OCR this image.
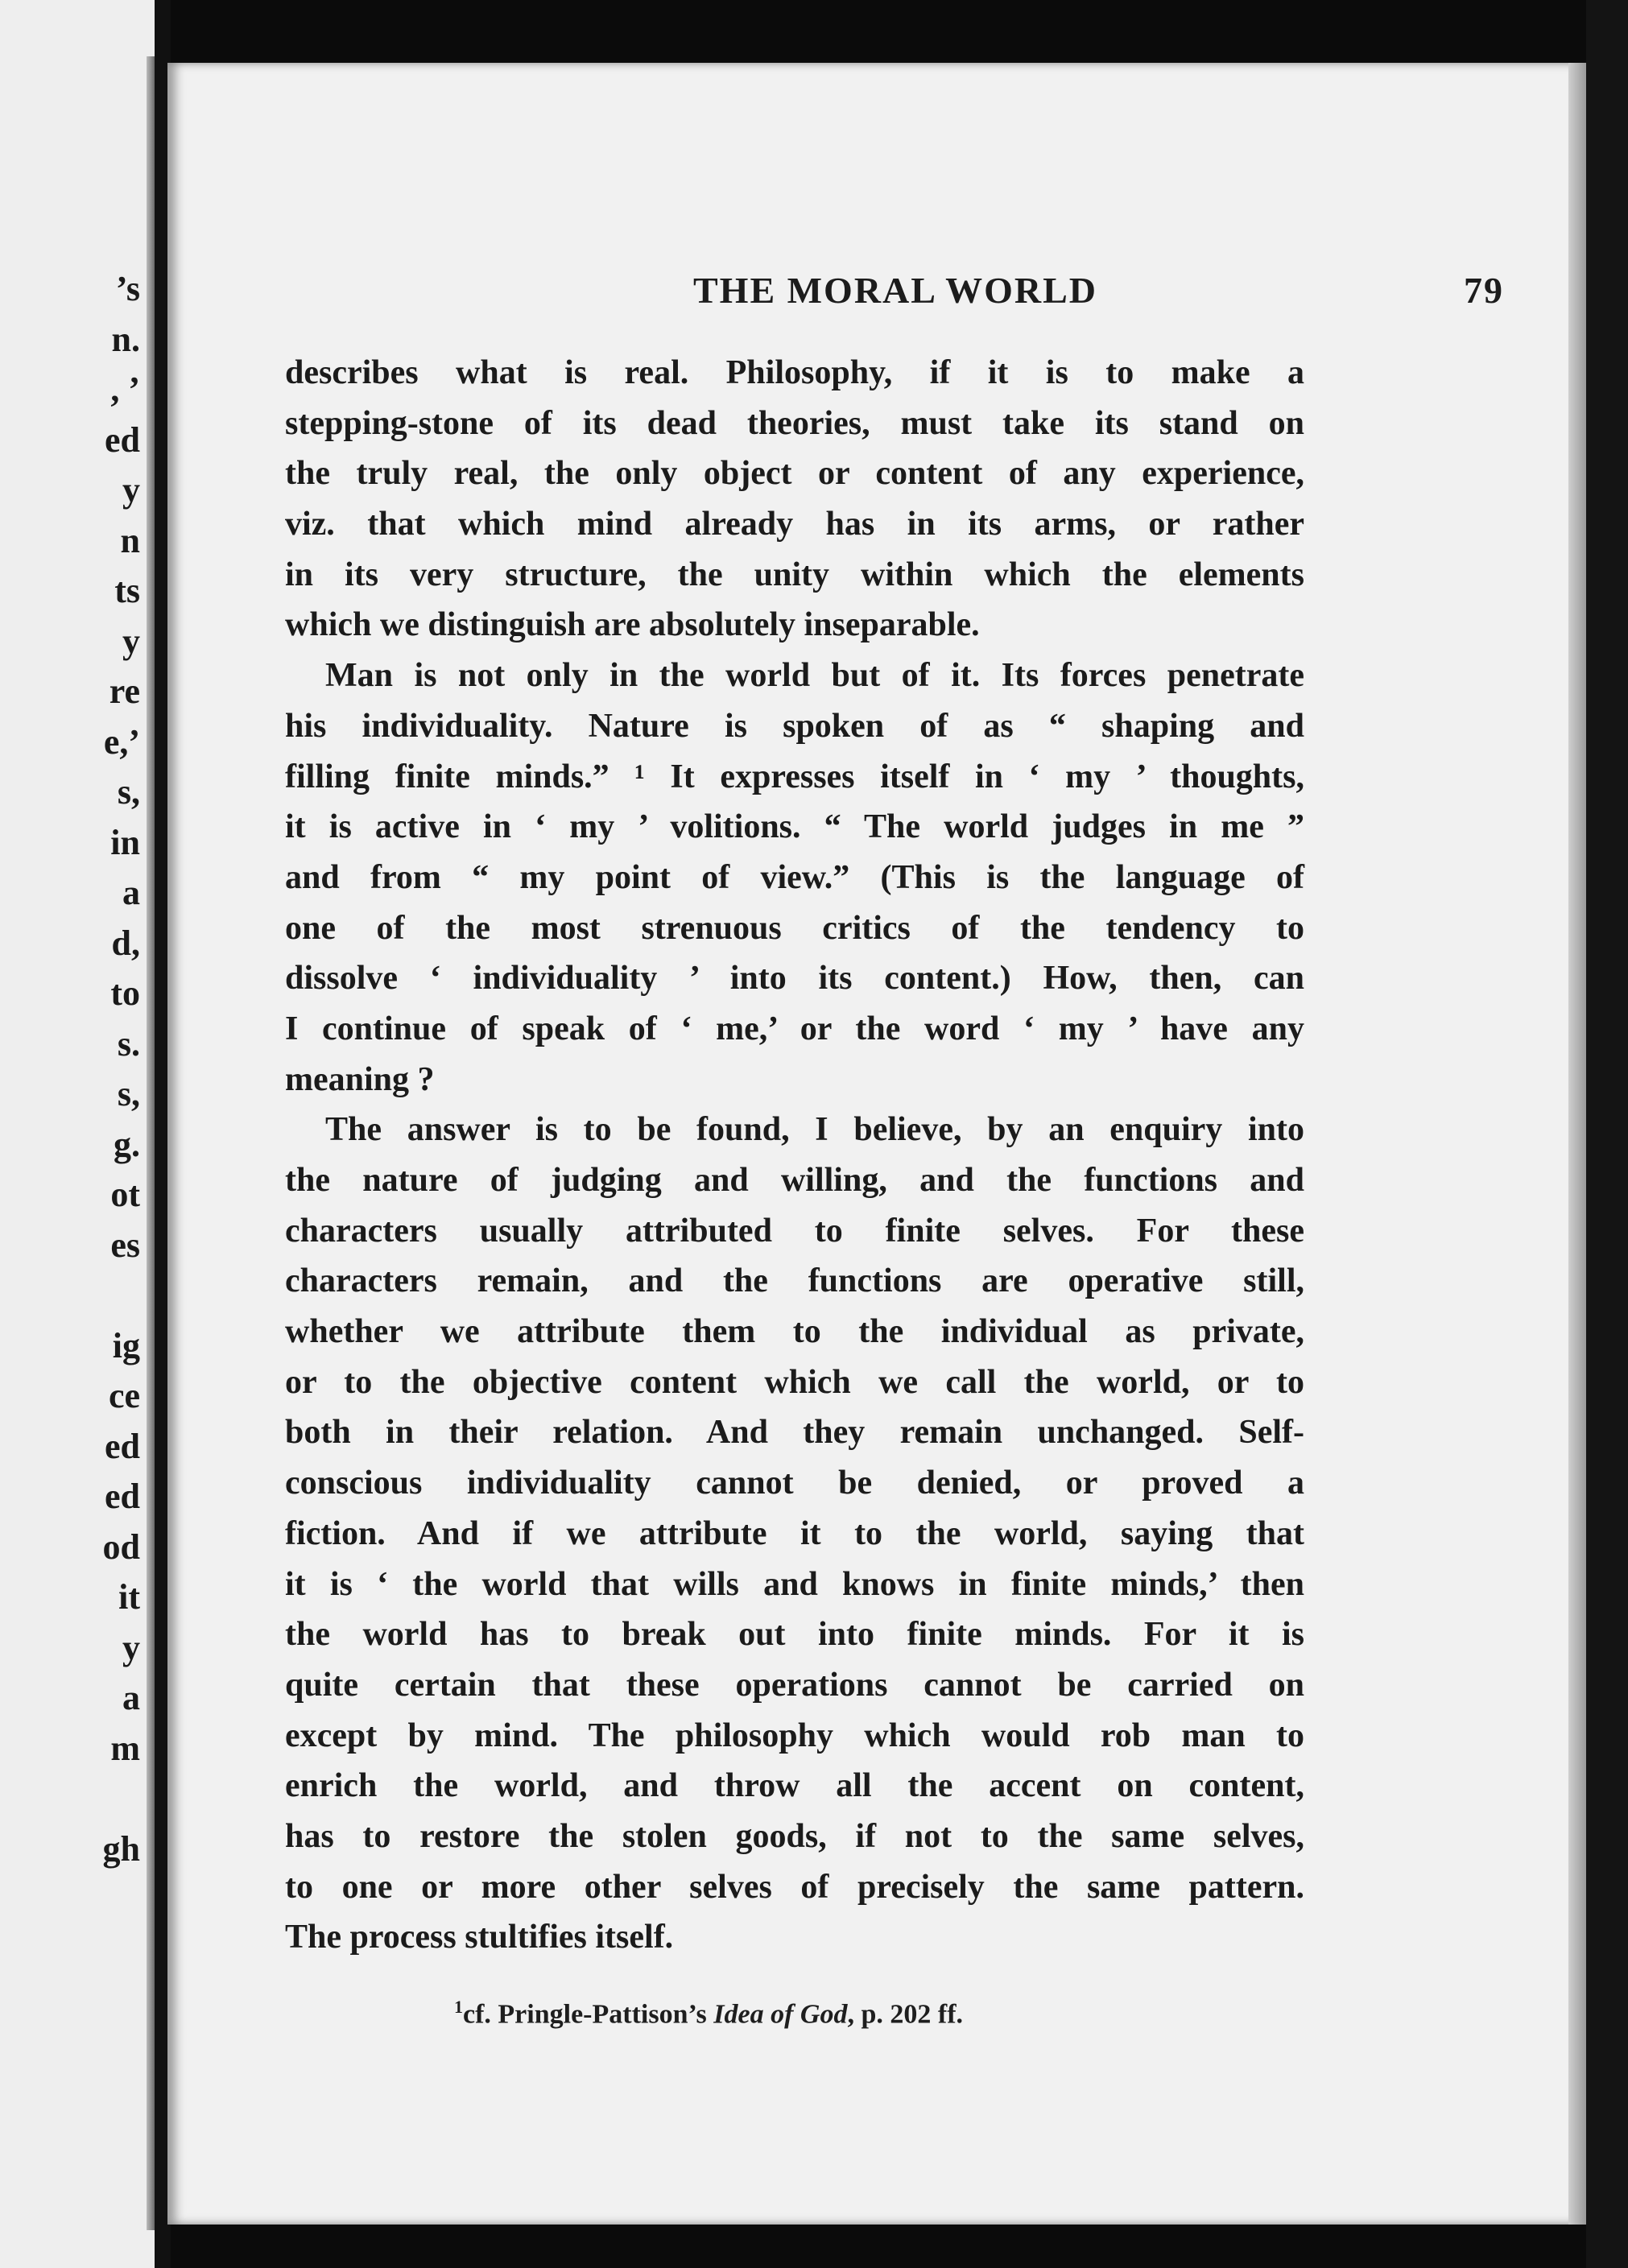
’s
n.
, ’
ed
y
n
ts
y
re
e,’
s,
in
a
d,
to
s.
s,
g.
ot
es
ig
ce
ed
ed
od
it
y
a
m
gh
THE MORAL WORLD	79

describes what is real. Philosophy, if it is to make a
stepping-stone of its dead theories, must take its stand on
the truly real, the only object or content of any experience,
viz. that which mind already has in its arms, or rather
in its very structure, the unity within which the elements
which we distinguish are absolutely inseparable.

Man is not only in the world but of it. Its forces penetrate
his individuality. Nature is spoken of as “ shaping and
filling finite minds.” ¹ It expresses itself in ‘ my ’ thoughts,
it is active in ‘ my ’ volitions. “ The world judges in me ”
and from “ my point of view.” (This is the language of
one of the most strenuous critics of the tendency to
dissolve ‘ individuality ’ into its content.) How, then, can
I continue of speak of ‘ me,’ or the word ‘ my ’ have any
meaning ?

The answer is to be found, I believe, by an enquiry into
the nature of judging and willing, and the functions and
characters usually attributed to finite selves. For these
characters remain, and the functions are operative still,
whether we attribute them to the individual as private,
or to the objective content which we call the world, or to
both in their relation. And they remain unchanged. Self-
conscious individuality cannot be denied, or proved a
fiction. And if we attribute it to the world, saying that
it is ‘ the world that wills and knows in finite minds,’ then
the world has to break out into finite minds. For it is
quite certain that these operations cannot be carried on
except by mind. The philosophy which would rob man to
enrich the world, and throw all the accent on content,
has to restore the stolen goods, if not to the same selves,
to one or more other selves of precisely the same pattern.
The process stultifies itself.

$^1$cf. Pringle-Pattison’s Idea of God, p. 202 ff.
